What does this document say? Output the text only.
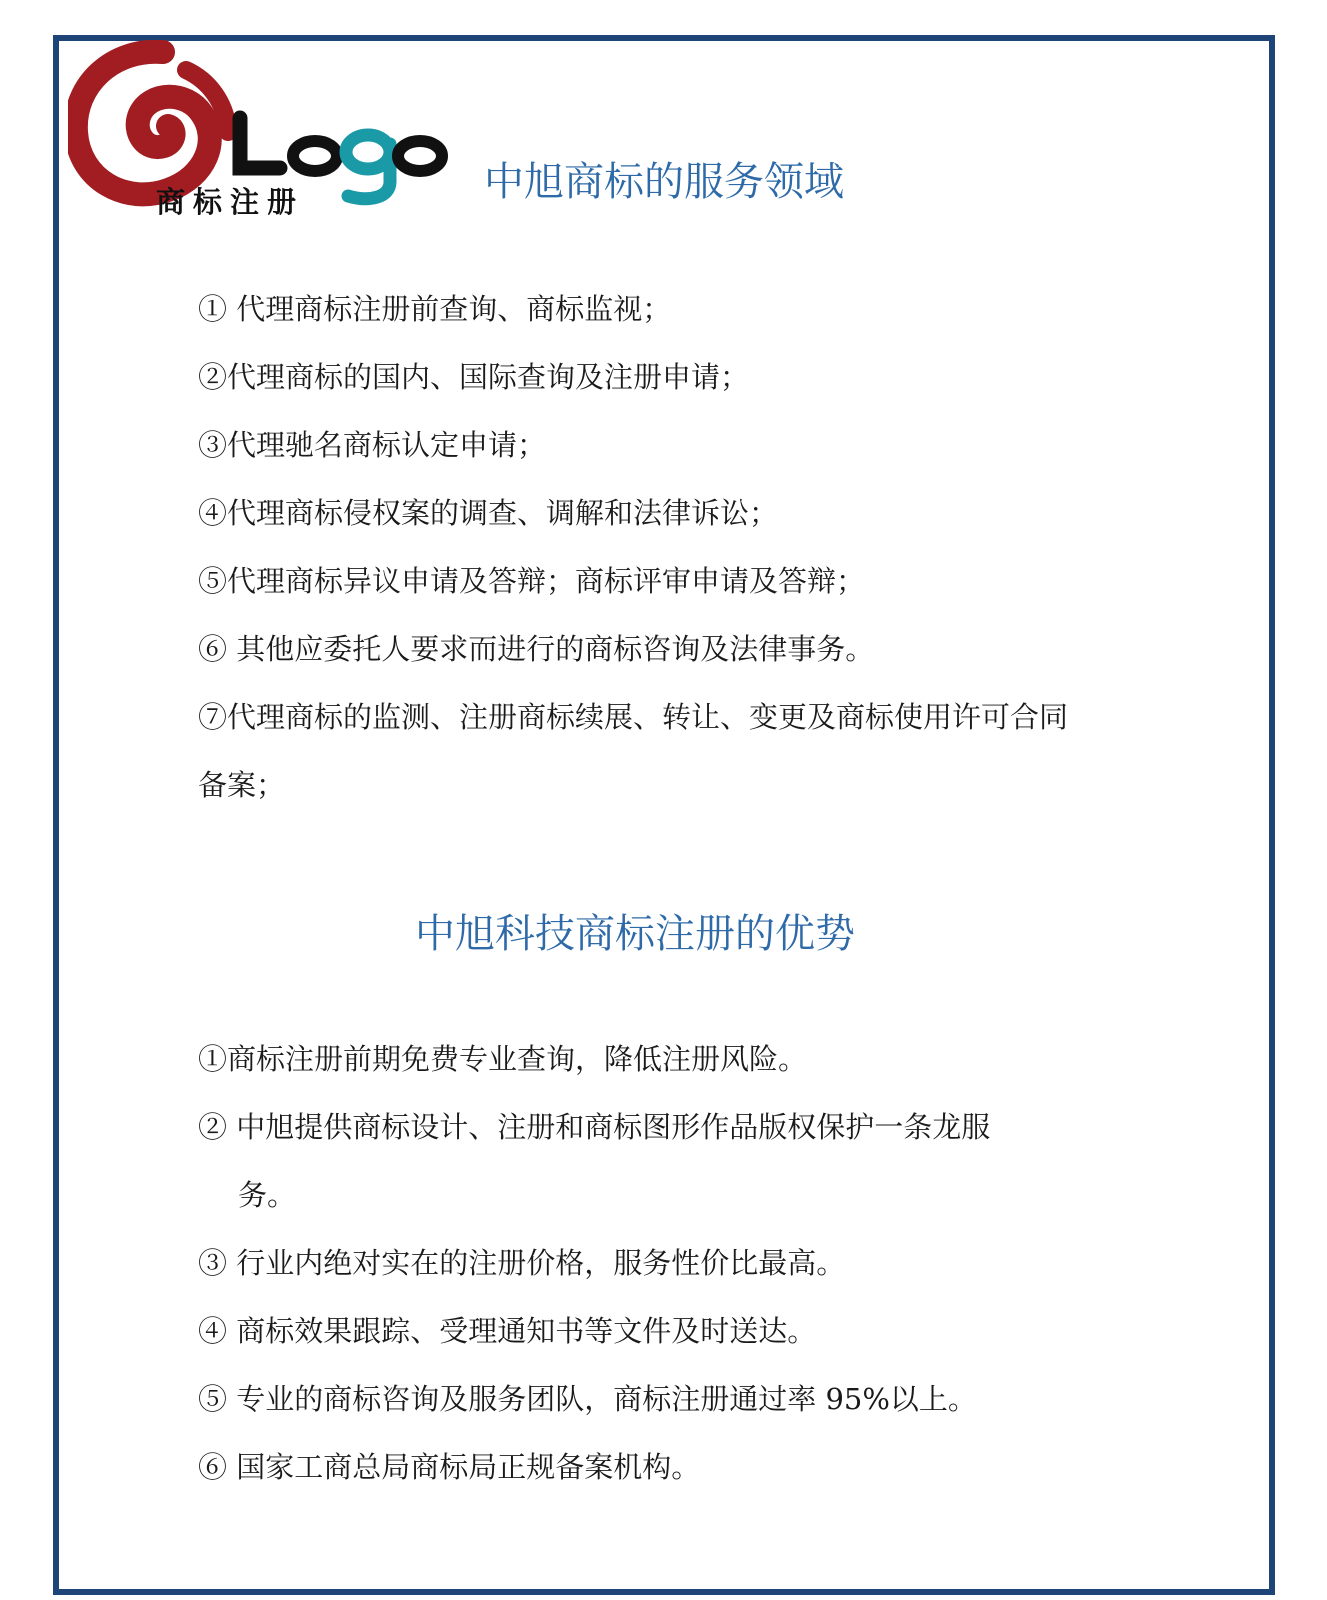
商标注册	中旭商标的服务领域
① 代理商标注册前查询、商标监视；
②代理商标的国内、国际查询及注册申请；
③代理驰名商标认定申请；
④代理商标侵权案的调查、调解和法律诉讼；
⑤代理商标异议申请及答辩；商标评审申请及答辩；
⑥ 其他应委托人要求而进行的商标咨询及法律事务。
⑦代理商标的监测、注册商标续展、转让、变更及商标使用许可合同
备案；
中旭科技商标注册的优势
①商标注册前期免费专业查询，降低注册风险。
② 中旭提供商标设计、注册和商标图形作品版权保护一条龙服
务。
③ 行业内绝对实在的注册价格，服务性价比最高。
④ 商标效果跟踪、受理通知书等文件及时送达。
⑤ 专业的商标咨询及服务团队，商标注册通过率 95%以上。
⑥ 国家工商总局商标局正规备案机构。
